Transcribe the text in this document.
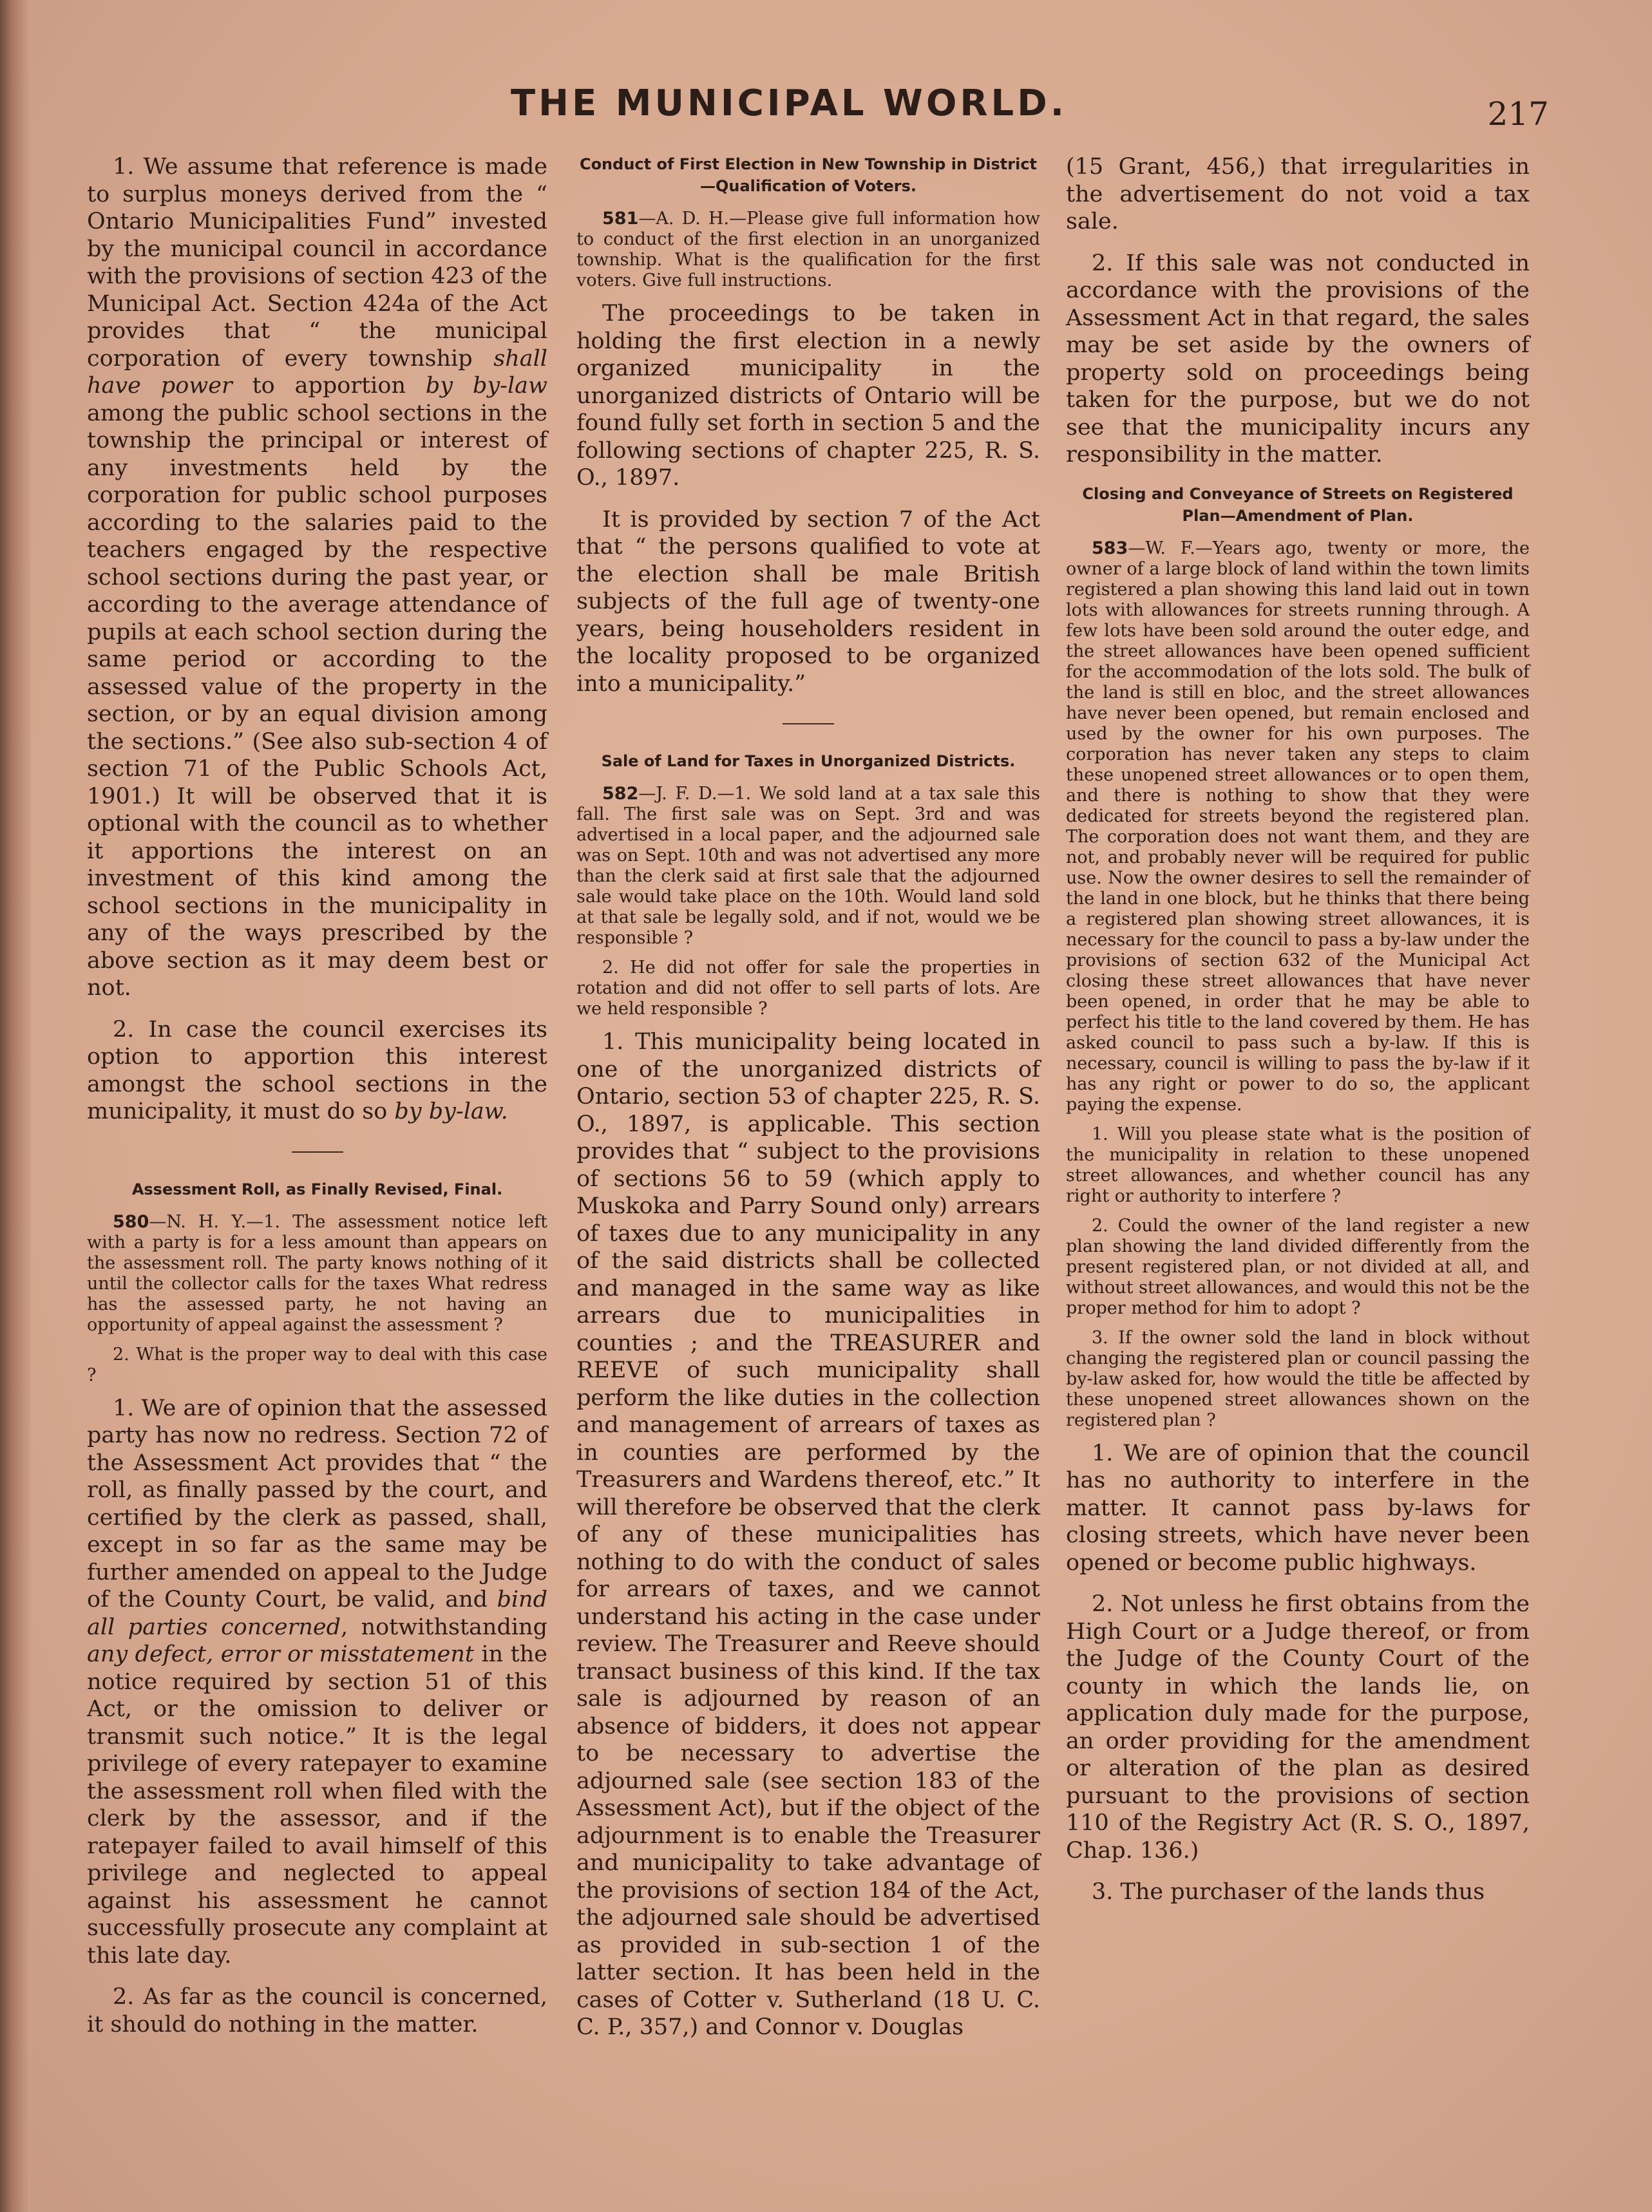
THE MUNICIPAL WORLD.	217

1. We assume that reference is made to surplus moneys derived from the “ Ontario Municipalities Fund” invested by the municipal council in accordance with the provisions of section 423 of the Municipal Act. Section 424a of the Act provides that “ the municipal corporation of every township shall have power to apportion by by-law among the public school sections in the township the principal or interest of any investments held by the corporation for public school purposes according to the salaries paid to the teachers engaged by the respective school sections during the past year, or according to the average attendance of pupils at each school section during the same period or according to the assessed value of the property in the section, or by an equal division among the sections.” (See also sub-section 4 of section 71 of the Public Schools Act, 1901.) It will be observed that it is optional with the council as to whether it apportions the interest on an investment of this kind among the school sections in the municipality in any of the ways prescribed by the above section as it may deem best or not.

2. In case the council exercises its option to apportion this interest amongst the school sections in the municipality, it must do so by by-law.

Assessment Roll, as Finally Revised, Final.

580—N. H. Y.—1. The assessment notice left with a party is for a less amount than appears on the assessment roll. The party knows nothing of it until the collector calls for the taxes What redress has the assessed party, he not having an opportunity of appeal against the assessment ?

2. What is the proper way to deal with this case ?

1. We are of opinion that the assessed party has now no redress. Section 72 of the Assessment Act provides that “ the roll, as finally passed by the court, and certified by the clerk as passed, shall, except in so far as the same may be further amended on appeal to the Judge of the County Court, be valid, and bind all parties concerned, notwithstanding any defect, error or misstatement in the notice required by section 51 of this Act, or the omission to deliver or transmit such notice.” It is the legal privilege of every ratepayer to examine the assessment roll when filed with the clerk by the assessor, and if the ratepayer failed to avail himself of this privilege and neglected to appeal against his assessment he cannot successfully prosecute any complaint at this late day.

2. As far as the council is concerned, it should do nothing in the matter.

Conduct of First Election in New Township in District—Qualification of Voters.

581—A. D. H.—Please give full information how to conduct of the first election in an unorganized township. What is the qualification for the first voters. Give full instructions.

The proceedings to be taken in holding the first election in a newly organized municipality in the unorganized districts of Ontario will be found fully set forth in section 5 and the following sections of chapter 225, R. S. O., 1897.

It is provided by section 7 of the Act that “ the persons qualified to vote at the election shall be male British subjects of the full age of twenty-one years, being householders resident in the locality proposed to be organized into a municipality.”

Sale of Land for Taxes in Unorganized Districts.

582—J. F. D.—1. We sold land at a tax sale this fall. The first sale was on Sept. 3rd and was advertised in a local paper, and the adjourned sale was on Sept. 10th and was not advertised any more than the clerk said at first sale that the adjourned sale would take place on the 10th. Would land sold at that sale be legally sold, and if not, would we be responsible ?

2. He did not offer for sale the properties in rotation and did not offer to sell parts of lots. Are we held responsible ?

1. This municipality being located in one of the unorganized districts of Ontario, section 53 of chapter 225, R. S. O., 1897, is applicable. This section provides that “ subject to the provisions of sections 56 to 59 (which apply to Muskoka and Parry Sound only) arrears of taxes due to any municipality in any of the said districts shall be collected and managed in the same way as like arrears due to municipalities in counties ; and the TREASURER and REEVE of such municipality shall perform the like duties in the collection and management of arrears of taxes as in counties are performed by the Treasurers and Wardens thereof, etc.” It will therefore be observed that the clerk of any of these municipalities has nothing to do with the conduct of sales for arrears of taxes, and we cannot understand his acting in the case under review. The Treasurer and Reeve should transact business of this kind. If the tax sale is adjourned by reason of an absence of bidders, it does not appear to be necessary to advertise the adjourned sale (see section 183 of the Assessment Act), but if the object of the adjournment is to enable the Treasurer and municipality to take advantage of the provisions of section 184 of the Act, the adjourned sale should be advertised as provided in sub-section 1 of the latter section. It has been held in the cases of Cotter v. Sutherland (18 U. C. C. P., 357,) and Connor v. Douglas

(15 Grant, 456,) that irregularities in the advertisement do not void a tax sale.

2. If this sale was not conducted in accordance with the provisions of the Assessment Act in that regard, the sales may be set aside by the owners of property sold on proceedings being taken for the purpose, but we do not see that the municipality incurs any responsibility in the matter.

Closing and Conveyance of Streets on Registered Plan—Amendment of Plan.

583—W. F.—Years ago, twenty or more, the owner of a large block of land within the town limits registered a plan showing this land laid out in town lots with allowances for streets running through. A few lots have been sold around the outer edge, and the street allowances have been opened sufficient for the accommodation of the lots sold. The bulk of the land is still en bloc, and the street allowances have never been opened, but remain enclosed and used by the owner for his own purposes. The corporation has never taken any steps to claim these unopened street allowances or to open them, and there is nothing to show that they were dedicated for streets beyond the registered plan. The corporation does not want them, and they are not, and probably never will be required for public use. Now the owner desires to sell the remainder of the land in one block, but he thinks that there being a registered plan showing street allowances, it is necessary for the council to pass a by-law under the provisions of section 632 of the Municipal Act closing these street allowances that have never been opened, in order that he may be able to perfect his title to the land covered by them. He has asked council to pass such a by-law. If this is necessary, council is willing to pass the by-law if it has any right or power to do so, the applicant paying the expense.

1. Will you please state what is the position of the municipality in relation to these unopened street allowances, and whether council has any right or authority to interfere ?

2. Could the owner of the land register a new plan showing the land divided differently from the present registered plan, or not divided at all, and without street allowances, and would this not be the proper method for him to adopt ?

3. If the owner sold the land in block without changing the registered plan or council passing the by-law asked for, how would the title be affected by these unopened street allowances shown on the registered plan ?

1. We are of opinion that the council has no authority to interfere in the matter. It cannot pass by-laws for closing streets, which have never been opened or become public highways.

2. Not unless he first obtains from the High Court or a Judge thereof, or from the Judge of the County Court of the county in which the lands lie, on application duly made for the purpose, an order providing for the amendment or alteration of the plan as desired pursuant to the provisions of section 110 of the Registry Act (R. S. O., 1897, Chap. 136.)

3. The purchaser of the lands thus
